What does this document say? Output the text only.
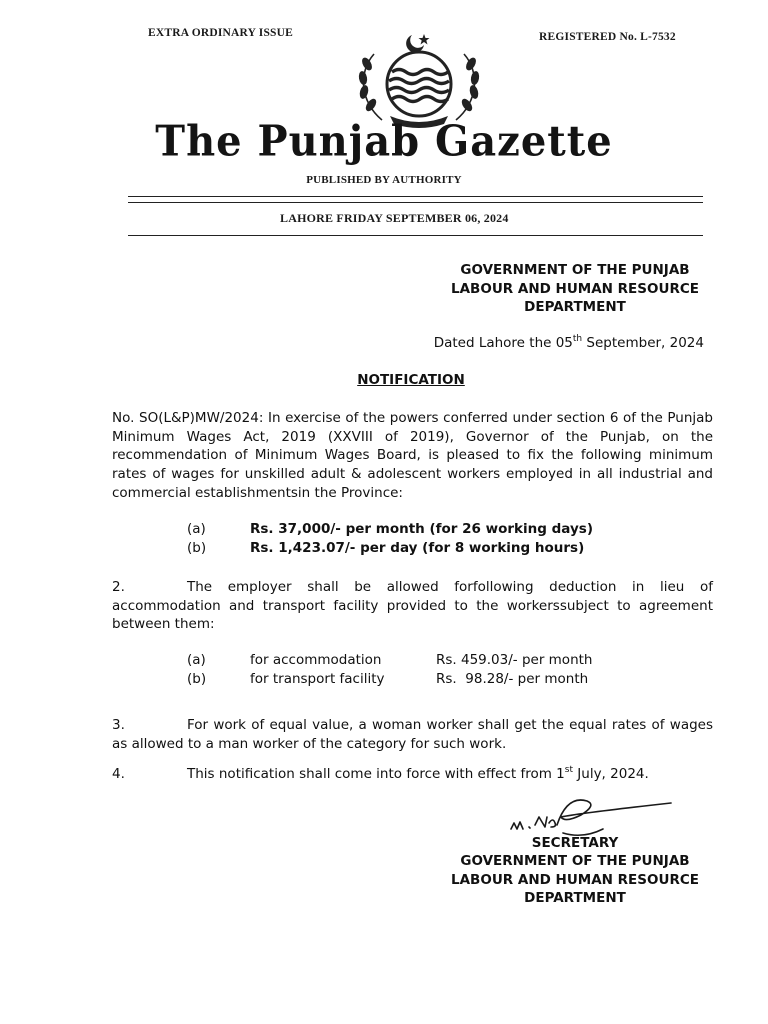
EXTRA ORDINARY ISSUE	REGISTERED No. L-7532
The Punjab Gazette
PUBLISHED BY AUTHORITY
LAHORE FRIDAY SEPTEMBER 06, 2024
GOVERNMENT OF THE PUNJAB
LABOUR AND HUMAN RESOURCE
DEPARTMENT
Dated Lahore the 05th September, 2024
NOTIFICATION
No. SO(L&P)MW/2024: In exercise of the powers conferred under section 6 of the Punjab Minimum Wages Act, 2019 (XXVIII of 2019), Governor of the Punjab, on the recommendation of Minimum Wages Board, is pleased to fix the following minimum rates of wages for unskilled adult & adolescent workers employed in all industrial and commercial establishmentsin the Province:
(a)	Rs. 37,000/- per month (for 26 working days)
(b)	Rs. 1,423.07/- per day (for 8 working hours)
2.	The employer shall be allowed forfollowing deduction in lieu of accommodation and transport facility provided to the workerssubject to agreement between them:
(a)	for accommodation	Rs. 459.03/- per month
(b)	for transport facility	Rs.  98.28/- per month
3.	For work of equal value, a woman worker shall get the equal rates of wages as allowed to a man worker of the category for such work.
4.	This notification shall come into force with effect from 1st July, 2024.
SECRETARY
GOVERNMENT OF THE PUNJAB
LABOUR AND HUMAN RESOURCE
DEPARTMENT
